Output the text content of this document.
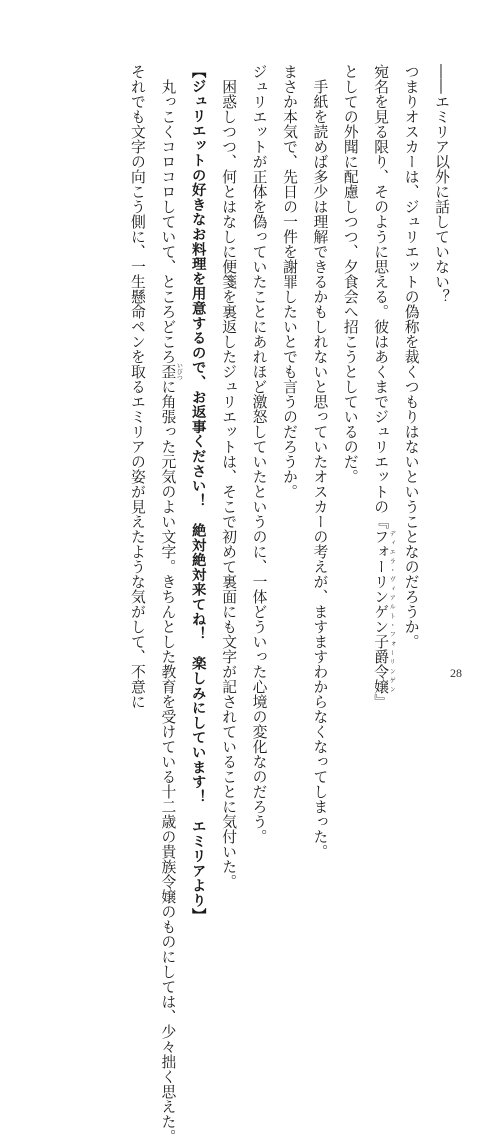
――エミリア以外に話していない？
つまりオスカーは、ジュリエットの偽称を裁くつもりはないということなのだろうか。
宛名を見る限り、そのように思える。彼はあくまでジュリエットの『フォーリンゲン子爵令嬢 ディエラ・ヴィアルト・フォーリンゲン』
としての外聞に配慮しつつ、夕食会へ招こうとしているのだ。
　手紙を読めば多少は理解できるかもしれないと思っていたオスカーの考えが、ますますわからなくなってしまった。
まさか本気で、先日の一件を謝罪したいとでも言うのだろうか。
ジュリエットが正体を偽っていたことにあれほど激怒していたというのに、一体どういった心境の変化なのだろう。
　困惑しつつ、何とはなしに便箋を裏返したジュリエットは、そこで初めて裏面にも文字が記されていることに気付いた。
【ジュリエットの好きなお料理を用意するので、お返事ください！　絶対絶対来てね！　楽しみにしています！　エミリアより】
　丸っこくコロコロしていて、ところどころ歪 いびつに角張った元気のよい文字。きちんとした教育を受けている十二歳の貴族令嬢のものにしては、少々拙く思えた。
それでも文字の向こう側に、一生懸命ペンを取るエミリアの姿が見えたような気がして、不意に	28
